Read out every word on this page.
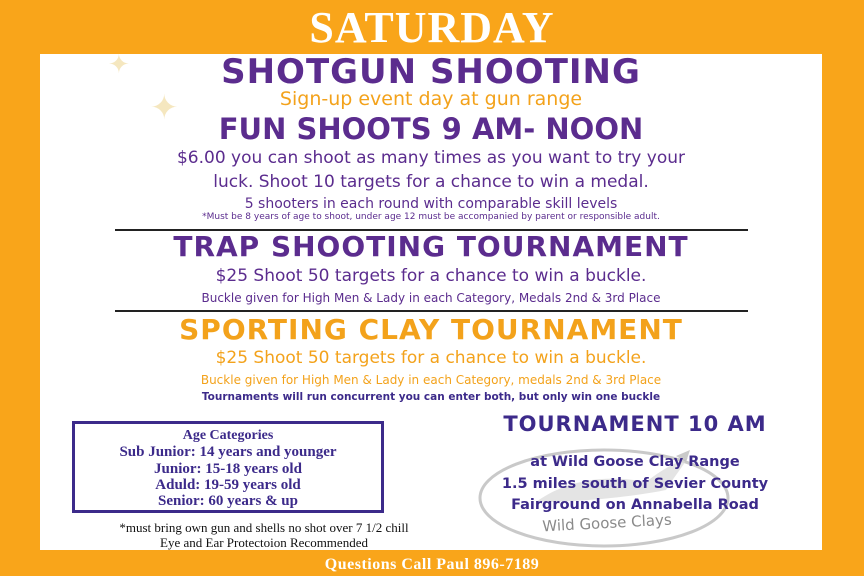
SATURDAY
✦
✦
SHOTGUN SHOOTING
Sign-up event day at gun range
FUN SHOOTS 9 AM- NOON
$6.00 you can shoot as many times as you want to try your
luck. Shoot 10 targets for a chance to win a medal.
5 shooters in each round with comparable skill levels
*Must be 8 years of age to shoot, under age 12 must be accompanied by parent or responsible adult.
TRAP SHOOTING TOURNAMENT
$25 Shoot 50 targets for a chance to win a buckle.
Buckle given for High Men & Lady in each Category, Medals 2nd & 3rd Place
SPORTING CLAY TOURNAMENT
$25 Shoot 50 targets for a chance to win a buckle.
Buckle given for High Men & Lady in each Category, medals 2nd & 3rd Place
Tournaments will run concurrent you can enter both, but only win one buckle
Age Categories
Sub Junior: 14 years and younger
Junior: 15-18 years old
Aduld: 19-59 years old
Senior: 60 years & up
*must bring own gun and shells no shot over 7 1/2 chill
Eye and Ear Protectoion Recommended
Wild Goose Clays
TOURNAMENT 10 AM
at Wild Goose Clay Range
1.5 miles south of Sevier County
Fairground on Annabella Road
Questions Call Paul 896-7189
